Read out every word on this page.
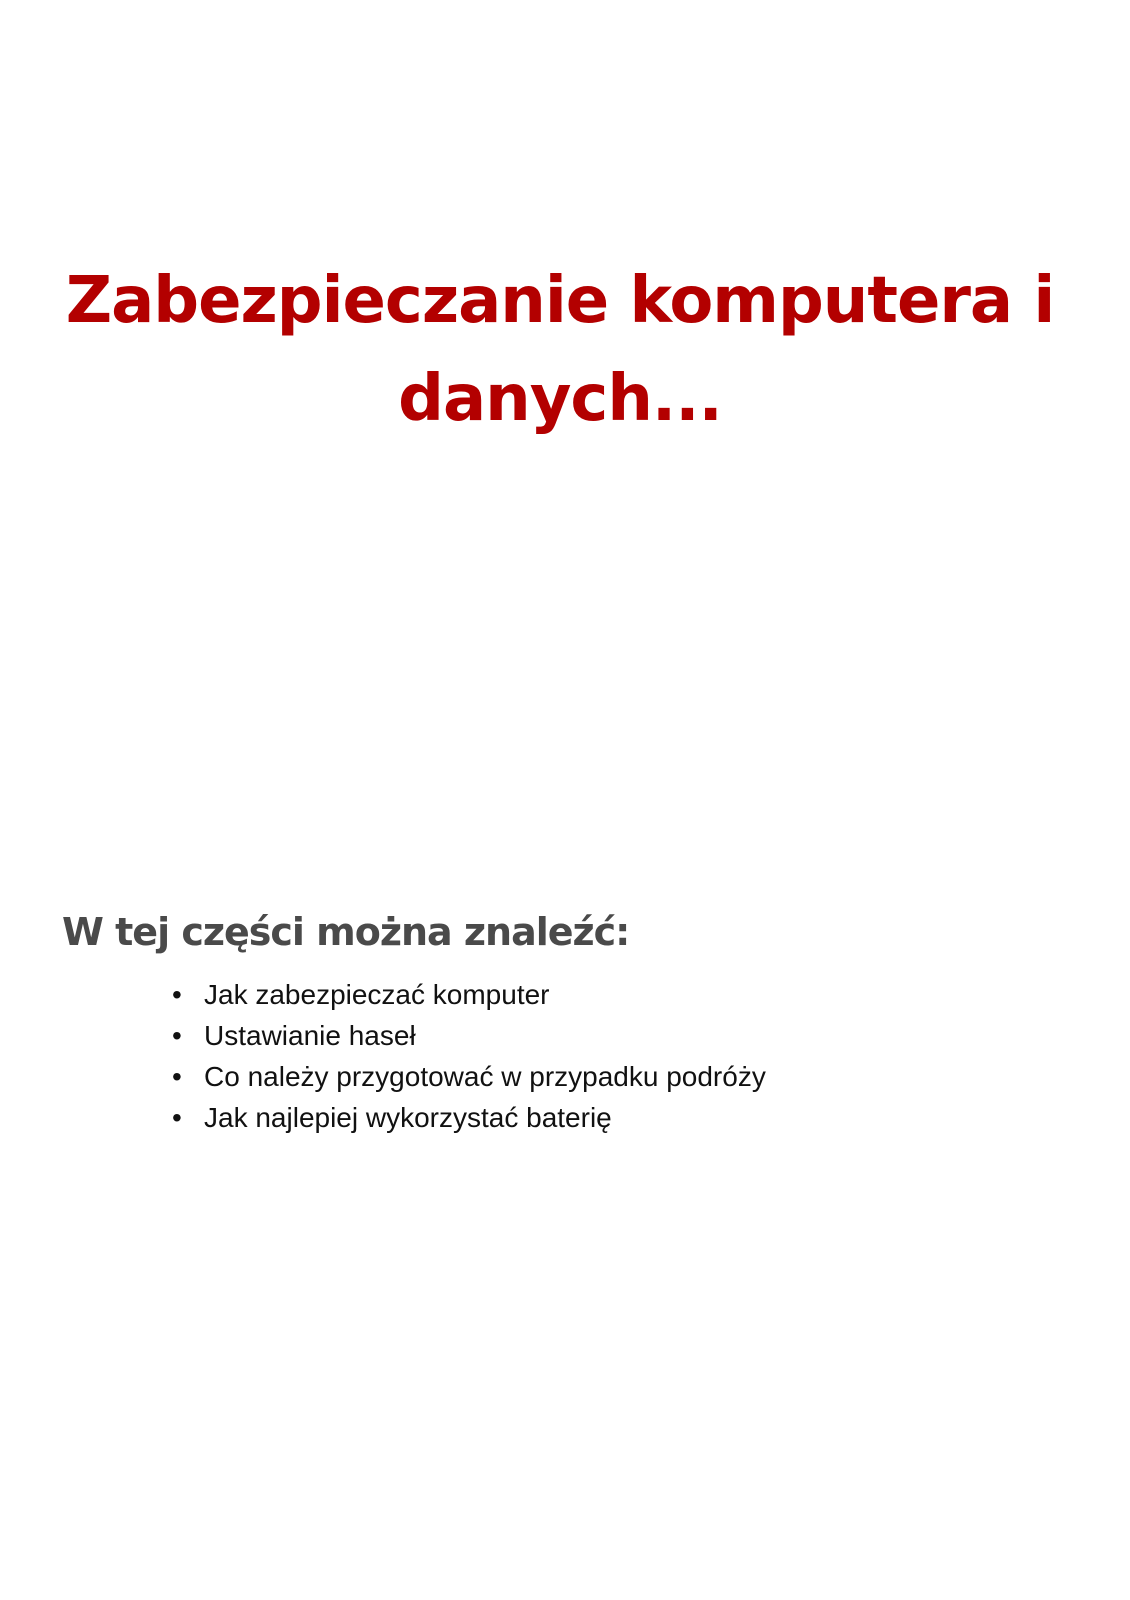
Zabezpieczanie komputera i
danych...
W tej części można znaleźć:
• Jak zabezpieczać komputer
• Ustawianie haseł
• Co należy przygotować w przypadku podróży
• Jak najlepiej wykorzystać baterię
